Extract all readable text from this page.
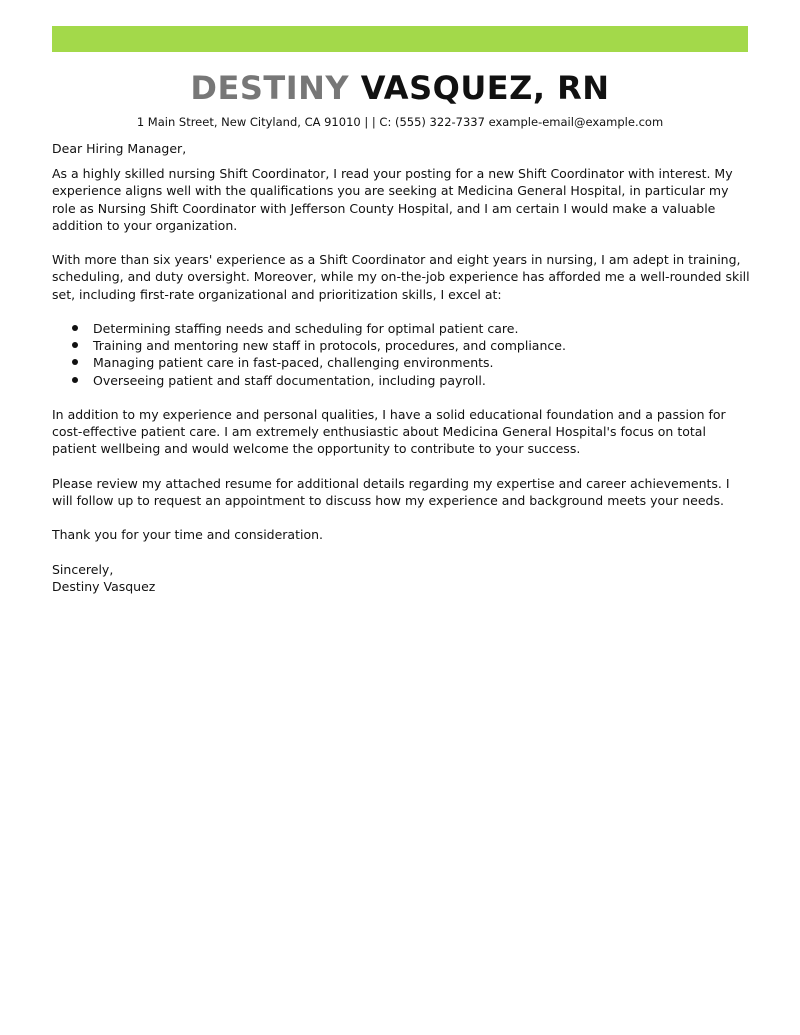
DESTINY VASQUEZ, RN
1 Main Street, New Cityland, CA 91010 | | C: (555) 322-7337 example-email@example.com

Dear Hiring Manager,

As a highly skilled nursing Shift Coordinator, I read your posting for a new Shift Coordinator with interest. My experience aligns well with the qualifications you are seeking at Medicina General Hospital, in particular my role as Nursing Shift Coordinator with Jefferson County Hospital, and I am certain I would make a valuable addition to your organization.

With more than six years' experience as a Shift Coordinator and eight years in nursing, I am adept in training, scheduling, and duty oversight. Moreover, while my on-the-job experience has afforded me a well-rounded skill set, including first-rate organizational and prioritization skills, I excel at:

Determining staffing needs and scheduling for optimal patient care.
Training and mentoring new staff in protocols, procedures, and compliance.
Managing patient care in fast-paced, challenging environments.
Overseeing patient and staff documentation, including payroll.

In addition to my experience and personal qualities, I have a solid educational foundation and a passion for cost-effective patient care. I am extremely enthusiastic about Medicina General Hospital's focus on total patient wellbeing and would welcome the opportunity to contribute to your success.

Please review my attached resume for additional details regarding my expertise and career achievements. I will follow up to request an appointment to discuss how my experience and background meets your needs.

Thank you for your time and consideration.

Sincerely,

Destiny Vasquez
